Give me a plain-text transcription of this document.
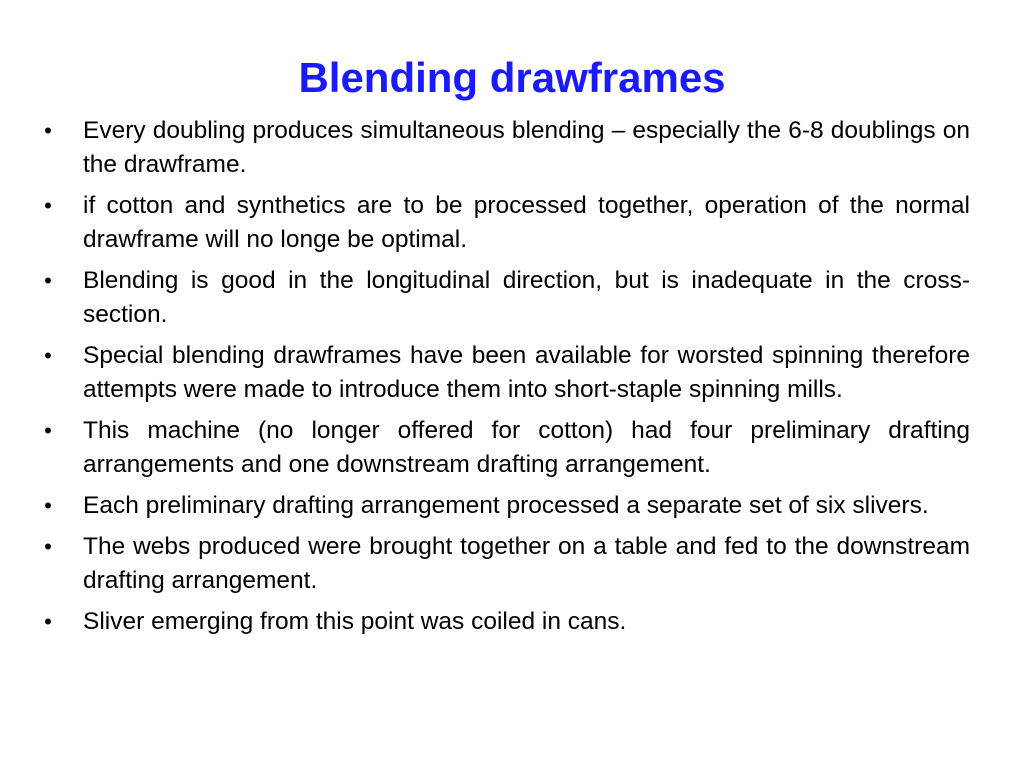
Blending drawframes
• Every doubling produces simultaneous blending – especially the 6-8 doublings on the drawframe.
• if cotton and synthetics are to be processed together, operation of the normal drawframe will no longe be optimal.
• Blending is good in the longitudinal direction, but is inadequate in the cross-section.
• Special blending drawframes have been available for worsted spinning therefore attempts were made to introduce them into short-staple spinning mills.
• This machine (no longer offered for cotton) had four preliminary drafting arrangements and one downstream drafting arrangement.
• Each preliminary drafting arrangement processed a separate set of six slivers.
• The webs produced were brought together on a table and fed to the downstream drafting arrangement.
• Sliver emerging from this point was coiled in cans.
